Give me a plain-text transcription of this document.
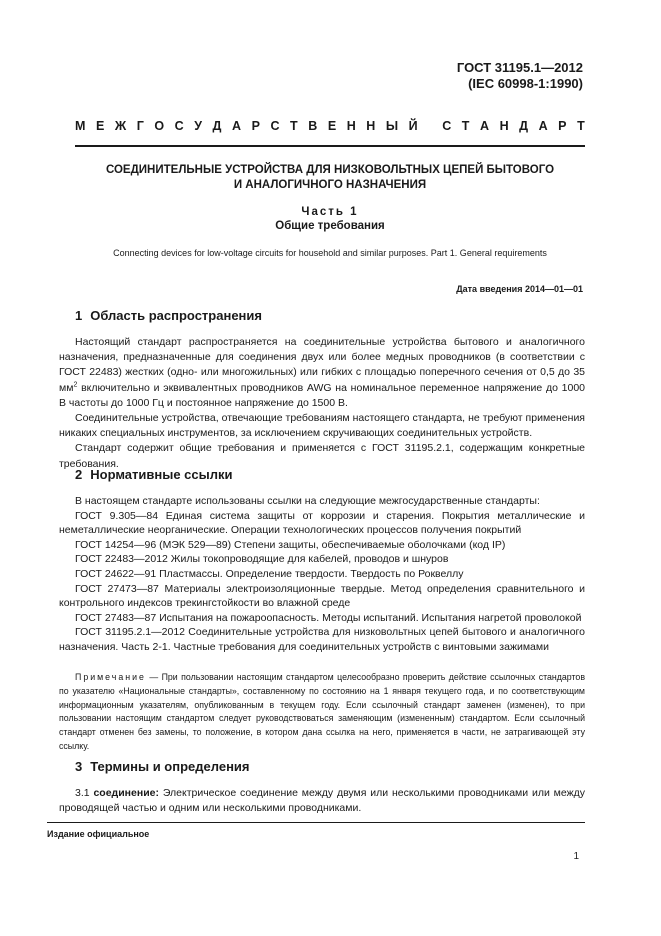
ГОСТ 31195.1—2012
(IEC 60998-1:1990)
М Е Ж Г О С У Д А Р С Т В Е Н Н Ы Й
С Т А Н Д А Р Т
СОЕДИНИТЕЛЬНЫЕ УСТРОЙСТВА ДЛЯ НИЗКОВОЛЬТНЫХ ЦЕПЕЙ БЫТОВОГО
И АНАЛОГИЧНОГО НАЗНАЧЕНИЯ
Часть 1
Общие требования
Connecting devices for low-voltage circuits for household and similar purposes. Part 1. General requirements
Дата введения 2014—01—01
1 Область распространения

Настоящий стандарт распространяется на соединительные устройства бытового и аналогичного назначения, предназначенные для соединения двух или более медных проводников (в соответствии с ГОСТ 22483) жестких (одно- или многожильных) или гибких с площадью поперечного сечения от 0,5 до 35 $мм^2$ включительно и эквивалентных проводников AWG на номинальное переменное напряжение до 1000 В частоты до 1000 Гц и постоянное напряжение до 1500 В.

Соединительные устройства, отвечающие требованиям настоящего стандарта, не требуют применения никаких специальных инструментов, за исключением скручивающих соединительных устройств.

Стандарт содержит общие требования и применяется с ГОСТ 31195.2.1, содержащим конкретные требования.

2 Нормативные ссылки

В настоящем стандарте использованы ссылки на следующие межгосударственные стандарты:

ГОСТ 9.305—84 Единая система защиты от коррозии и старения. Покрытия металлические и неметаллические неорганические. Операции технологических процессов получения покрытий

ГОСТ 14254—96 (МЭК 529—89) Степени защиты, обеспечиваемые оболочками (код IP)

ГОСТ 22483—2012 Жилы токопроводящие для кабелей, проводов и шнуров

ГОСТ 24622—91 Пластмассы. Определение твердости. Твердость по Роквеллу

ГОСТ 27473—87 Материалы электроизоляционные твердые. Метод определения сравнительного и контрольного индексов трекингстойкости во влажной среде

ГОСТ 27483—87 Испытания на пожароопасность. Методы испытаний. Испытания нагретой проволокой

ГОСТ 31195.2.1—2012 Соединительные устройства для низковольтных цепей бытового и аналогичного назначения. Часть 2-1. Частные требования для соединительных устройств с винтовыми зажимами

Примечание — При пользовании настоящим стандартом целесообразно проверить действие ссылочных стандартов по указателю «Национальные стандарты», составленному по состоянию на 1 января текущего года, и по соответствующим информационным указателям, опубликованным в текущем году. Если ссылочный стандарт заменен (изменен), то при пользовании настоящим стандартом следует руководствоваться заменяющим (измененным) стандартом. Если ссылочный стандарт отменен без замены, то положение, в котором дана ссылка на него, применяется в части, не затрагивающей эту ссылку.

3 Термины и определения

3.1 соединение: Электрическое соединение между двумя или несколькими проводниками или между проводящей частью и одним или несколькими проводниками.

Издание официальное
1
